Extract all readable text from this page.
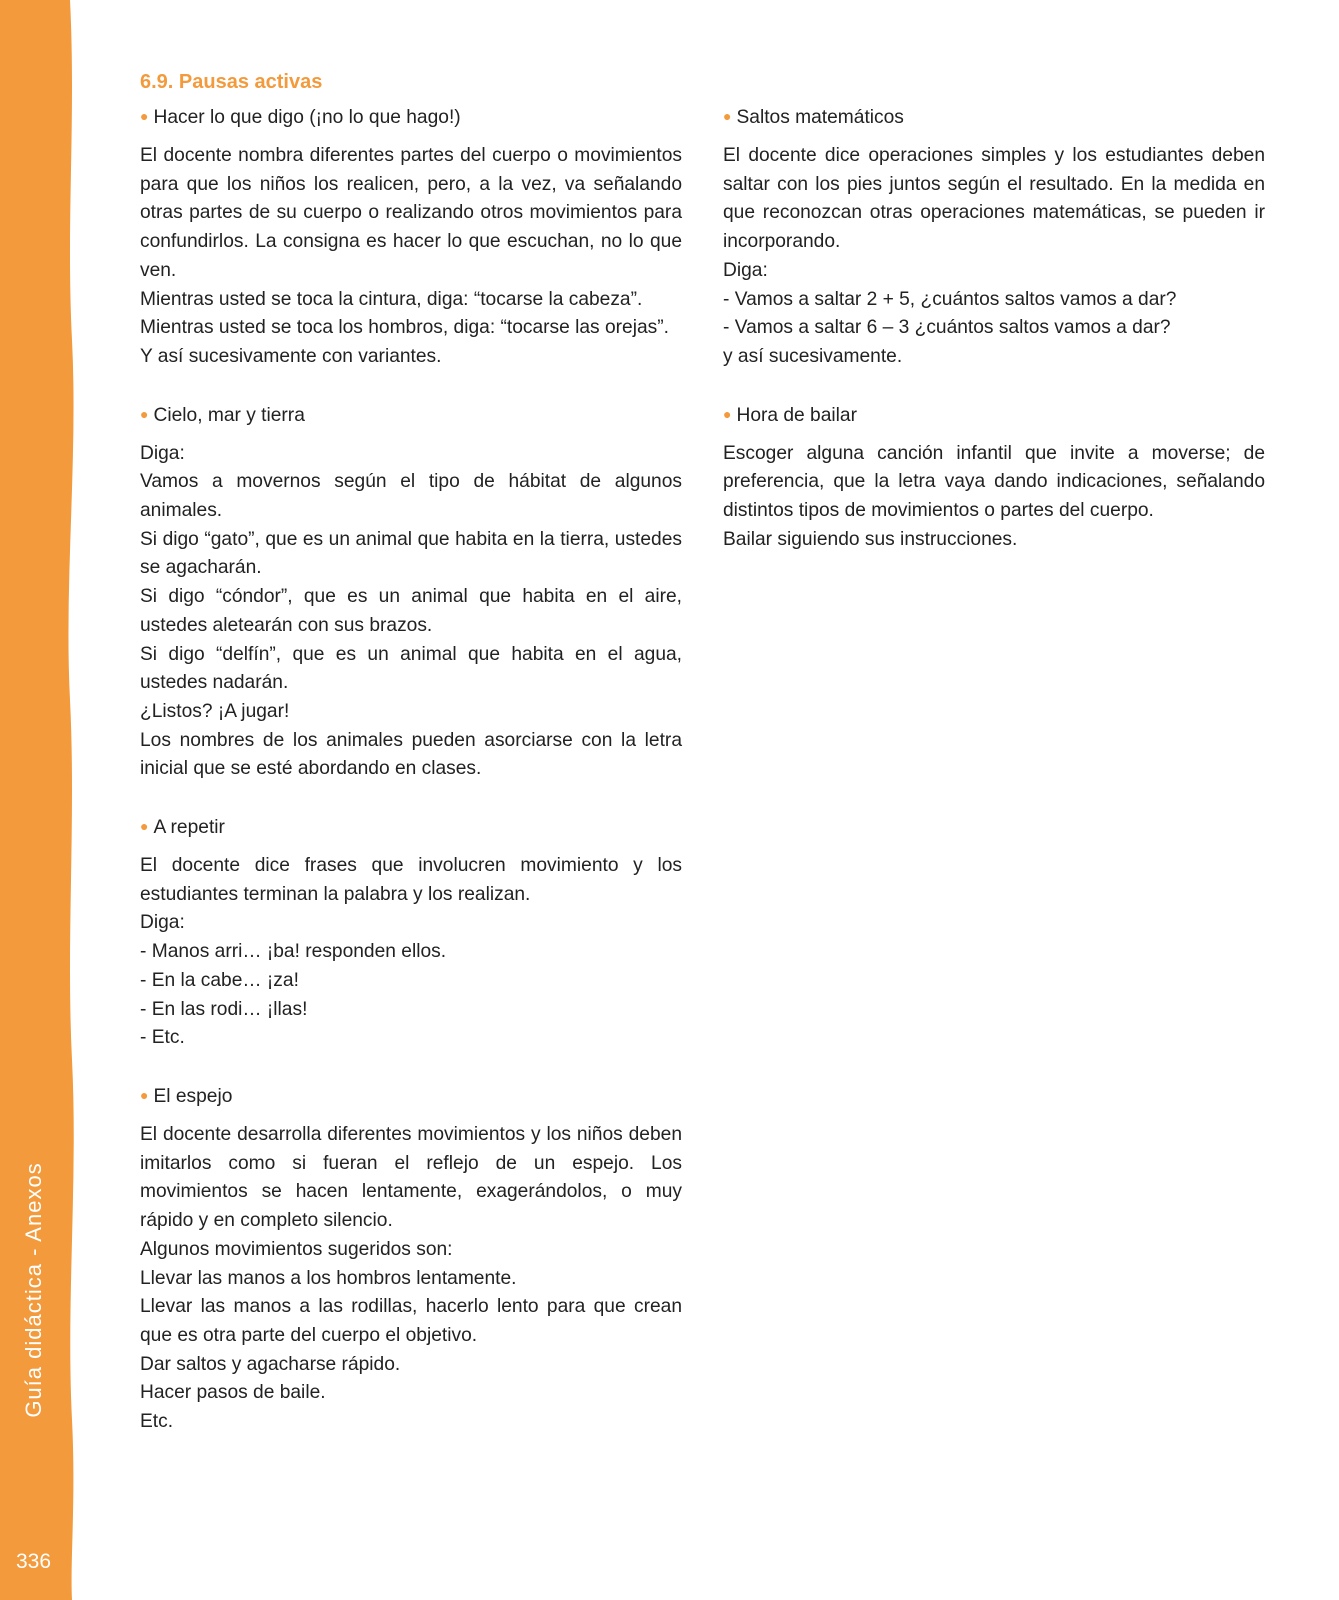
Guía didáctica - Anexos
336
6.9. Pausas activas
● Hacer lo que digo (¡no lo que hago!)

El docente nombra diferentes partes del cuerpo o movimientos para que los niños los realicen, pero, a la vez, va señalando otras partes de su cuerpo o realizando otros movimientos para confundirlos. La consigna es hacer lo que escuchan, no lo que ven.

Mientras usted se toca la cintura, diga: “tocarse la cabeza”.

Mientras usted se toca los hombros, diga: “tocarse las orejas”.

Y así sucesivamente con variantes.

● Cielo, mar y tierra

Diga:

Vamos a movernos según el tipo de hábitat de algunos animales.

Si digo “gato”, que es un animal que habita en la tierra, ustedes se agacharán.

Si digo “cóndor”, que es un animal que habita en el aire, ustedes aletearán con sus brazos.

Si digo “delfín”, que es un animal que habita en el agua, ustedes nadarán.

¿Listos? ¡A jugar!

Los nombres de los animales pueden asorciarse con la letra inicial que se esté abordando en clases.

● A repetir

El docente dice frases que involucren movimiento y los estudiantes terminan la palabra y los realizan.

Diga:

- Manos arri… ¡ba! responden ellos.

- En la cabe… ¡za!

- En las rodi… ¡llas!

- Etc.

● El espejo

El docente desarrolla diferentes movimientos y los niños deben imitarlos como si fueran el reflejo de un espejo. Los movimientos se hacen lentamente, exagerándolos, o muy rápido y en completo silencio.

Algunos movimientos sugeridos son:

Llevar las manos a los hombros lentamente.

Llevar las manos a las rodillas, hacerlo lento para que crean que es otra parte del cuerpo el objetivo.

Dar saltos y agacharse rápido.

Hacer pasos de baile.

Etc.

● Saltos matemáticos

El docente dice operaciones simples y los estudiantes deben saltar con los pies juntos según el resultado. En la medida en que reconozcan otras operaciones matemáticas, se pueden ir incorporando.

Diga:

- Vamos a saltar 2 + 5, ¿cuántos saltos vamos a dar?

- Vamos a saltar 6 – 3 ¿cuántos saltos vamos a dar?

y así sucesivamente.

● Hora de bailar

Escoger alguna canción infantil que invite a moverse; de preferencia, que la letra vaya dando indicaciones, señalando distintos tipos de movimientos o partes del cuerpo.

Bailar siguiendo sus instrucciones.
